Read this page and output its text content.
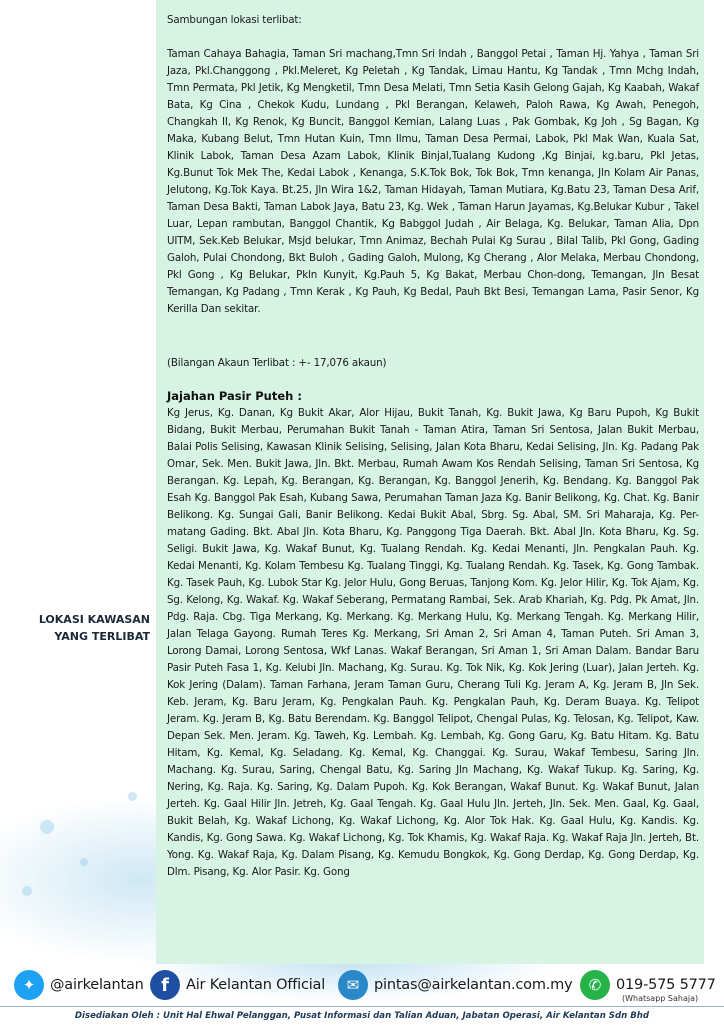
Sambungan lokasi terlibat:

Taman Cahaya Bahagia, Taman Sri machang,Tmn Sri Indah , Banggol Petai , Taman Hj. Yahya , Taman Sri Jaza, Pkl.Changgong , Pkl.Meleret, Kg Peletah , Kg Tandak, Limau Hantu, Kg Tandak , Tmn Mchg Indah, Tmn Permata, Pkl Jetik, Kg Mengketil, Tmn Desa Melati, Tmn Setia Kasih Gelong Gajah, Kg Kaabah, Wakaf Bata, Kg Cina , Chekok Kudu, Lundang , Pkl Berangan, Kelaweh, Paloh Rawa, Kg Awah, Penegoh, Changkah II, Kg Renok, Kg Buncit, Banggol Kemian, Lalang Luas , Pak Gombak, Kg Joh , Sg Bagan, Kg Maka, Kubang Belut, Tmn Hutan Kuin, Tmn Ilmu, Taman Desa Permai, Labok, Pkl Mak Wan, Kuala Sat, Klinik Labok, Taman Desa Azam Labok, Klinik Binjal,Tualang Kudong ,Kg Binjai, kg.baru, Pkl Jetas, Kg.Bunut Tok Mek The, Kedai Labok , Kenanga, S.K.Tok Bok, Tok Bok, Tmn kenanga, Jln Kolam Air Panas, Jelutong, Kg.Tok Kaya. Bt.25, Jln Wira 1&2, Taman Hidayah, Taman Mutiara, Kg.Batu 23, Taman Desa Arif, Taman Desa Bakti, Taman Labok Jaya, Batu 23, Kg. Wek , Taman Harun Jayamas, Kg.Belukar Kubur , Takel Luar, Lepan rambutan, Banggol Chantik, Kg Babggol Judah , Air Belaga, Kg. Belukar, Taman Alia, Dpn UITM, Sek.Keb Belukar, Msjd belukar, Tmn Animaz, Bechah Pulai Kg Surau , Bilal Talib, Pkl Gong, Gading Galoh, Pulai Chondong, Bkt Buloh , Gading Galoh, Mulong, Kg Cherang , Alor Melaka, Merbau Chondong, Pkl Gong , Kg Belukar, Pkln Kunyit, Kg.Pauh 5, Kg Bakat, Merbau Chon-dong, Temangan, Jln Besat Temangan, Kg Padang , Tmn Kerak , Kg Pauh, Kg Bedal, Pauh Bkt Besi, Temangan Lama, Pasir Senor, Kg Kerilla Dan sekitar.

(Bilangan Akaun Terlibat : +- 17,076 akaun)

Jajahan Pasir Puteh :

Kg Jerus, Kg. Danan, Kg Bukit Akar, Alor Hijau, Bukit Tanah, Kg. Bukit Jawa, Kg Baru Pupoh, Kg Bukit Bidang, Bukit Merbau, Perumahan Bukit Tanah - Taman Atira, Taman Sri Sentosa, Jalan Bukit Merbau, Balai Polis Selising, Kawasan Klinik Selising, Selising, Jalan Kota Bharu, Kedai Selising, Jln. Kg. Padang Pak Omar, Sek. Men. Bukit Jawa, Jln. Bkt. Merbau, Rumah Awam Kos Rendah Selising, Taman Sri Sentosa, Kg Berangan. Kg. Lepah, Kg. Berangan, Kg. Berangan, Kg. Banggol Jenerih, Kg. Bendang. Kg. Banggol Pak Esah Kg. Banggol Pak Esah, Kubang Sawa, Perumahan Taman Jaza Kg. Banir Belikong, Kg. Chat. Kg. Banir Belikong. Kg. Sungai Gali, Banir Belikong. Kedai Bukit Abal, Sbrg. Sg. Abal, SM. Sri Maharaja, Kg. Per-matang Gading. Bkt. Abal Jln. Kota Bharu, Kg. Panggong Tiga Daerah. Bkt. Abal Jln. Kota Bharu, Kg. Sg. Seligi. Bukit Jawa, Kg. Wakaf Bunut, Kg. Tualang Rendah. Kg. Kedai Menanti, Jln. Pengkalan Pauh. Kg. Kedai Menanti, Kg. Kolam Tembesu Kg. Tualang Tinggi, Kg. Tualang Rendah. Kg. Tasek, Kg. Gong Tambak. Kg. Tasek Pauh, Kg. Lubok Star Kg. Jelor Hulu, Gong Beruas, Tanjong Kom. Kg. Jelor Hilir, Kg. Tok Ajam, Kg. Sg. Kelong, Kg. Wakaf. Kg. Wakaf Seberang, Permatang Rambai, Sek. Arab Khariah, Kg. Pdg. Pk Amat, Jln. Pdg. Raja. Cbg. Tiga Merkang, Kg. Merkang. Kg. Merkang Hulu, Kg. Merkang Tengah. Kg. Merkang Hilir, Jalan Telaga Gayong. Rumah Teres Kg. Merkang, Sri Aman 2, Sri Aman 4, Taman Puteh. Sri Aman 3, Lorong Damai, Lorong Sentosa, Wkf Lanas. Wakaf Berangan, Sri Aman 1, Sri Aman Dalam. Bandar Baru Pasir Puteh Fasa 1, Kg. Kelubi Jln. Machang, Kg. Surau. Kg. Tok Nik, Kg. Kok Jering (Luar), Jalan Jerteh. Kg. Kok Jering (Dalam). Taman Farhana, Jeram Taman Guru, Cherang Tuli Kg. Jeram A, Kg. Jeram B, Jln Sek. Keb. Jeram, Kg. Baru Jeram, Kg. Pengkalan Pauh. Kg. Pengkalan Pauh, Kg. Deram Buaya. Kg. Telipot Jeram. Kg. Jeram B, Kg. Batu Berendam. Kg. Banggol Telipot, Chengal Pulas, Kg. Telosan, Kg. Telipot, Kaw. Depan Sek. Men. Jeram. Kg. Taweh, Kg. Lembah. Kg. Lembah, Kg. Gong Garu, Kg. Batu Hitam. Kg. Batu Hitam, Kg. Kemal, Kg. Seladang. Kg. Kemal, Kg. Changgai. Kg. Surau, Wakaf Tembesu, Saring Jln. Machang. Kg. Surau, Saring, Chengal Batu, Kg. Saring Jln Machang, Kg. Wakaf Tukup. Kg. Saring, Kg. Nering, Kg. Raja. Kg. Saring, Kg. Dalam Pupoh. Kg. Kok Berangan, Wakaf Bunut. Kg. Wakaf Bunut, Jalan Jerteh. Kg. Gaal Hilir Jln. Jetreh, Kg. Gaal Tengah. Kg. Gaal Hulu Jln. Jerteh, Jln. Sek. Men. Gaal, Kg. Gaal, Bukit Belah, Kg. Wakaf Lichong, Kg. Wakaf Lichong, Kg. Alor Tok Hak. Kg. Gaal Hulu, Kg. Kandis. Kg. Kandis, Kg. Gong Sawa. Kg. Wakaf Lichong, Kg. Tok Khamis, Kg. Wakaf Raja. Kg. Wakaf Raja Jln. Jerteh, Bt. Yong. Kg. Wakaf Raja, Kg. Dalam Pisang, Kg. Kemudu Bongkok, Kg. Gong Derdap, Kg. Gong Derdap, Kg. Dlm. Pisang, Kg. Alor Pasir. Kg. Gong

LOKASI KAWASAN YANG TERLIBAT
✦	@airkelantan f	Air Kelantan Official	✉	pintas@airkelantan.com.my	✆	019-575 5777
(Whatsapp Sahaja)
Disediakan Oleh : Unit Hal Ehwal Pelanggan, Pusat Informasi dan Talian Aduan, Jabatan Operasi, Air Kelantan Sdn Bhd
